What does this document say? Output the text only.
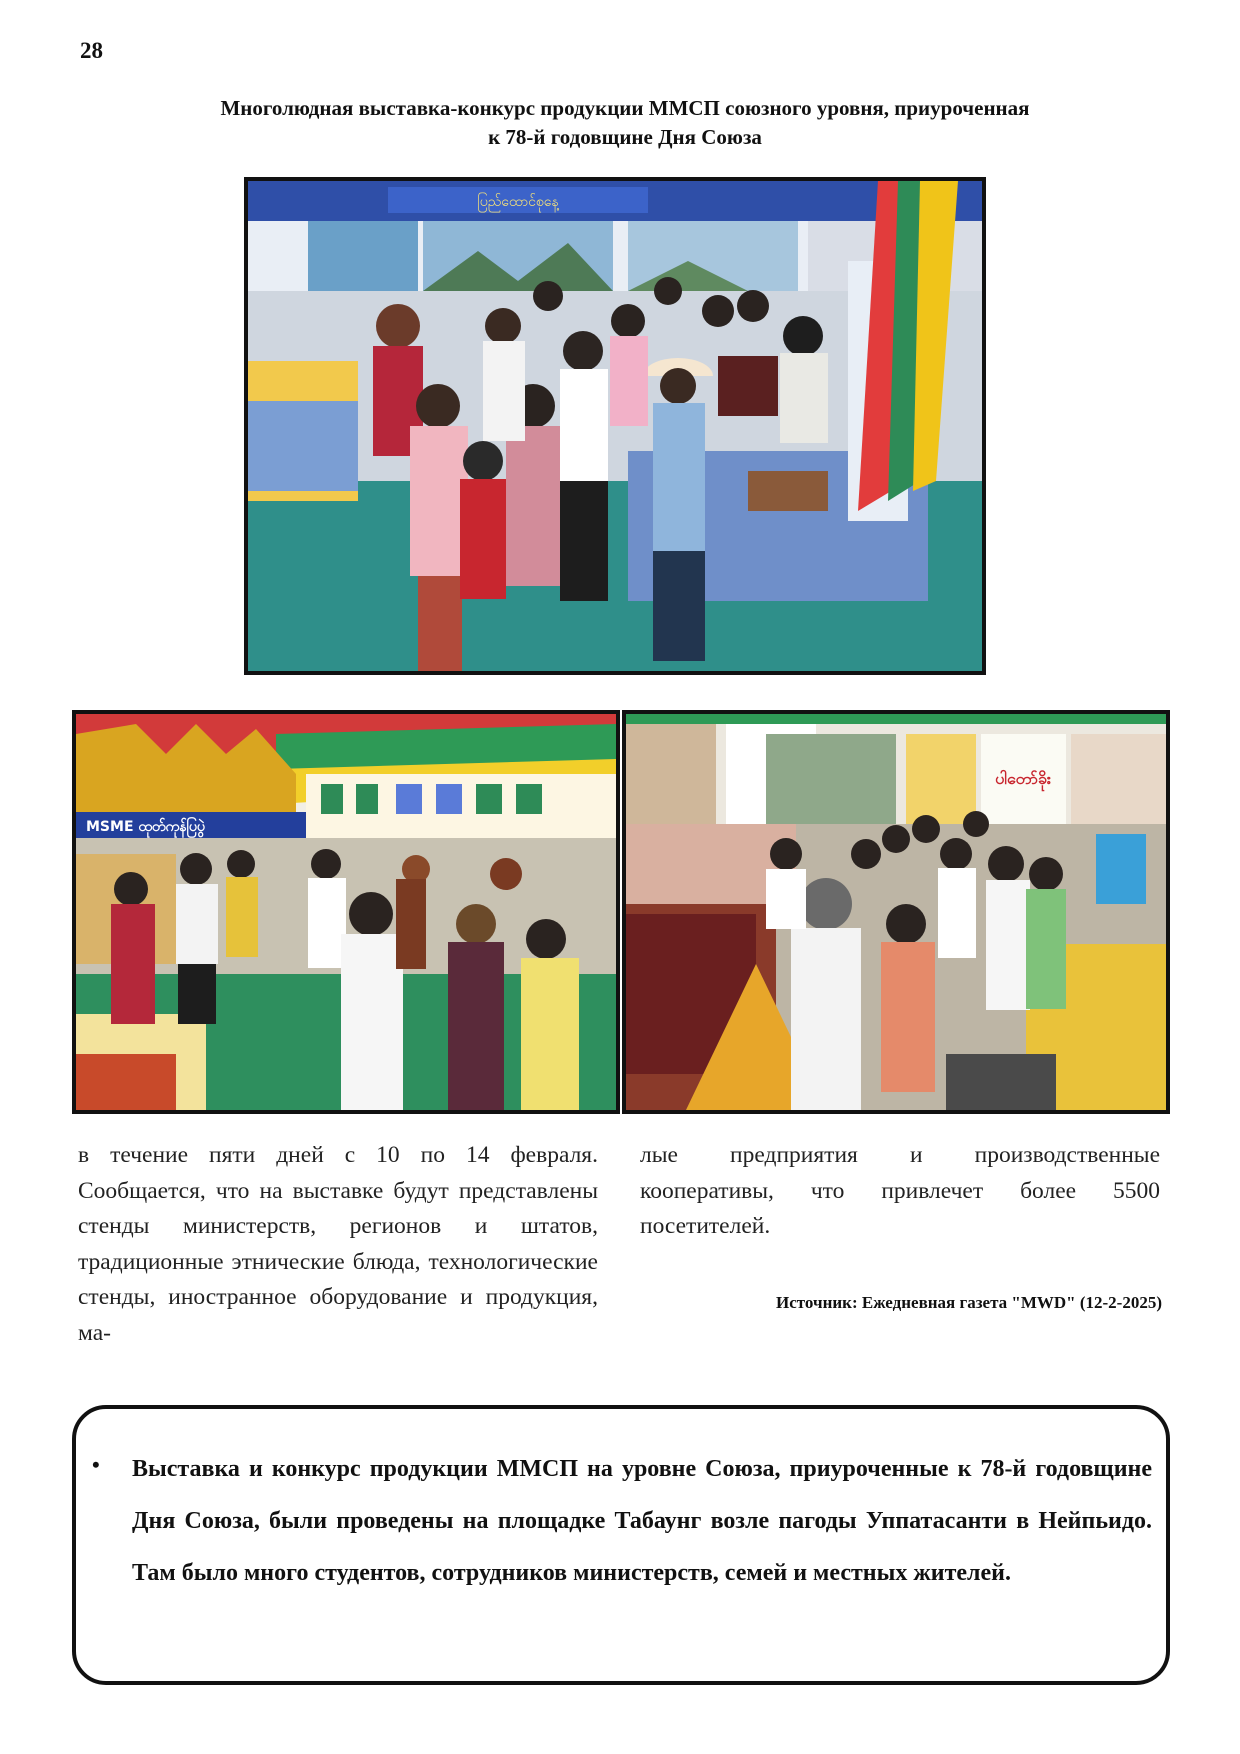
28
Многолюдная выставка-конкурс продукции ММСП союзного уровня, приуроченная
к 78-й годовщине Дня Союза
ပြည်ထောင်စုနေ့
MSME ထုတ်ကုန်ပြပွဲ
ပါတော်ခိုး
в течение пяти дней с 10 по 14 февраля. Сообщается, что на выставке будут представлены стенды министерств, регионов и штатов, традиционные этнические блюда, технологические стенды, иностранное оборудование и продукция, ма-
лые предприятия и производственные кооперативы, что привлечет более 5500 посетителей.
Источник: Ежедневная газета "MWD" (12-2-2025)
• Выставка и конкурс продукции ММСП на уровне Союза, приуроченные к 78-й годовщине Дня Союза, были проведены на площадке Табаунг возле пагоды Уппатасанти в Нейпьидо. Там было много студентов, сотрудников министерств, семей и местных жителей.
